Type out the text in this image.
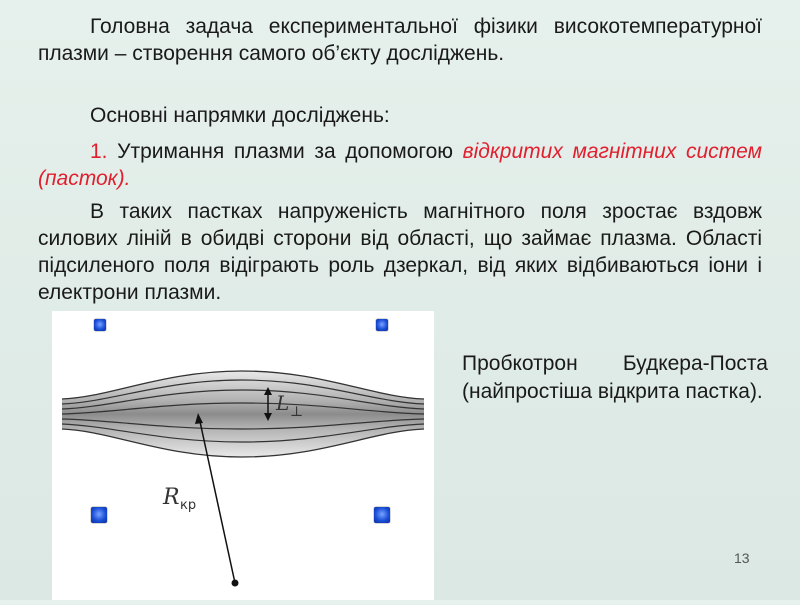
Головна задача експериментальної фізики високотемпературної плазми – створення самого об’єкту досліджень.
Основні напрямки досліджень:
1. Утримання плазми за допомогою відкритих магнітних систем (пасток).
В таких пастках напруженість магнітного поля зростає вздовж силових ліній в обидві сторони від області, що займає плазма. Області підсиленого поля відіграють роль дзеркал, від яких відбиваються іони і електрони плазми.
L ⊥
R кр
Пробкотрон Будкера-Поста (найпростіша відкрита пастка).
13
